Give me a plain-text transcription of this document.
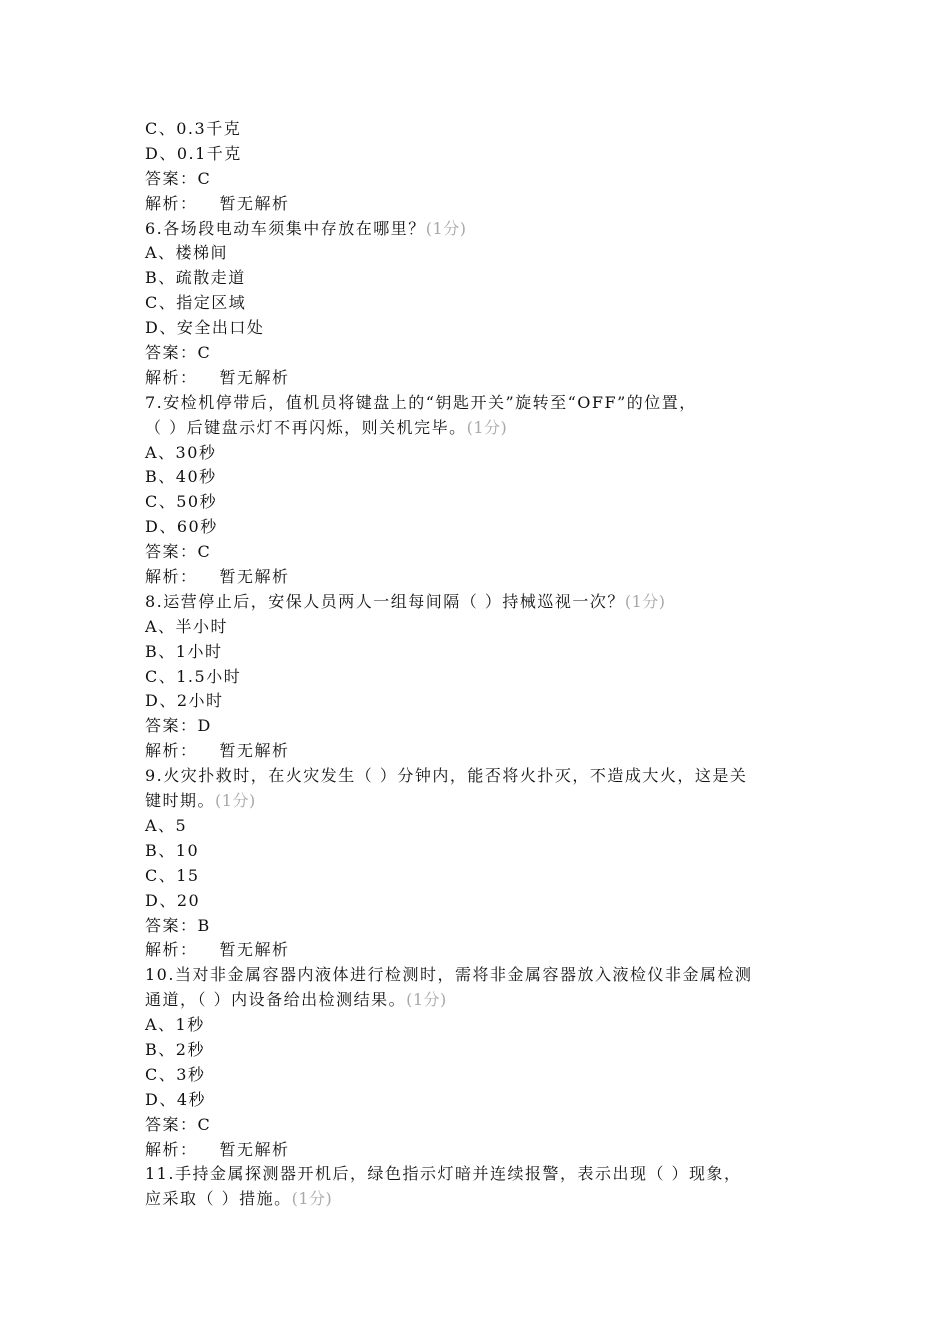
C、0.3千克
D、0.1千克
答案：C
解析： 暂无解析
6.各场段电动车须集中存放在哪里？(1分)
A、楼梯间
B、疏散走道
C、指定区域
D、安全出口处
答案：C
解析： 暂无解析
7.安检机停带后，值机员将键盘上的“钥匙开关”旋转至“OFF”的位置，
（ ）后键盘示灯不再闪烁，则关机完毕。(1分)
A、30秒
B、40秒
C、50秒
D、60秒
答案：C
解析： 暂无解析
8.运营停止后，安保人员两人一组每间隔（ ）持械巡视一次？(1分)
A、半小时
B、1小时
C、1.5小时
D、2小时
答案：D
解析： 暂无解析
9.火灾扑救时，在火灾发生（ ）分钟内，能否将火扑灭，不造成大火，这是关
键时期。(1分)
A、5
B、10
C、15
D、20
答案：B
解析： 暂无解析
10.当对非金属容器内液体进行检测时，需将非金属容器放入液检仪非金属检测
通道，（ ）内设备给出检测结果。(1分)
A、1秒
B、2秒
C、3秒
D、4秒
答案：C
解析： 暂无解析
11.手持金属探测器开机后，绿色指示灯暗并连续报警，表示出现（ ）现象，
应采取（ ）措施。(1分)
